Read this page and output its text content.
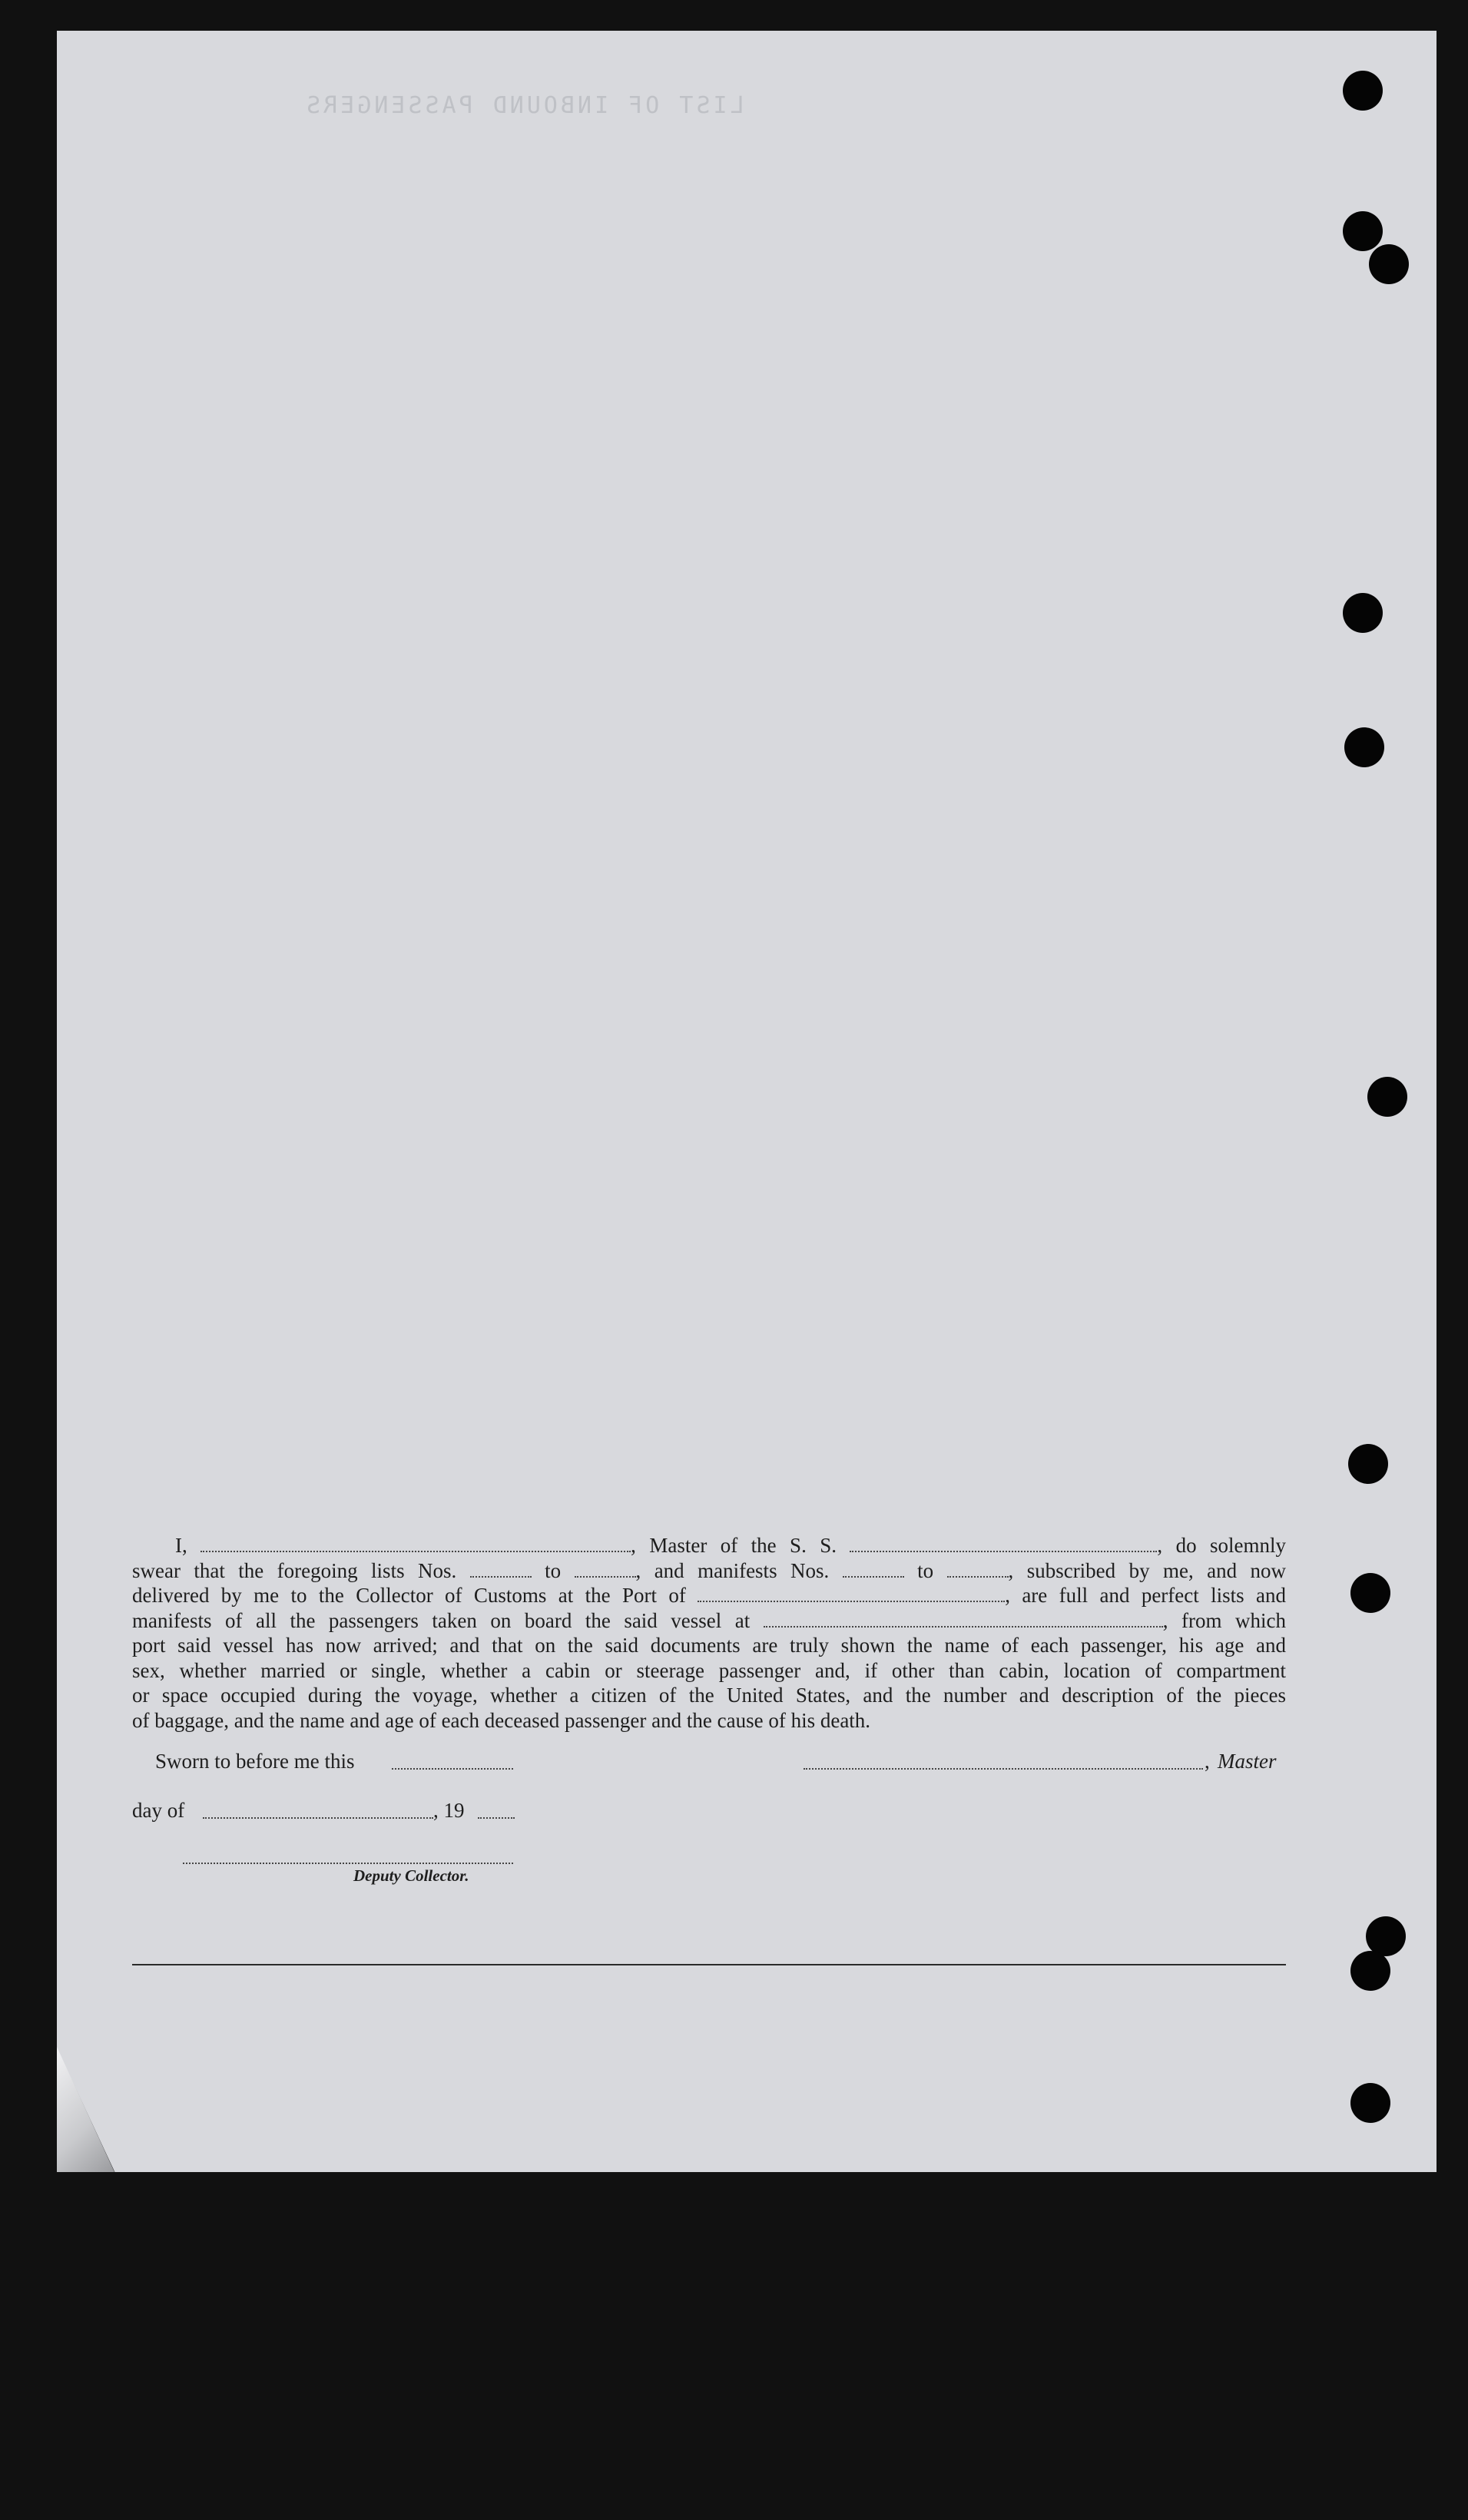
LIST OF INBOUND PASSENGERS

I,	, Master of the S. S.	, do solemnly

swear that the foregoing lists Nos.	to	, and manifests Nos.	to	, subscribed by me, and now

delivered by me to the Collector of Customs at the Port of	, are full and perfect lists and

manifests of all the passengers taken on board the said vessel at	, from which

port said vessel has now arrived; and that on the said documents are truly shown the name of each passenger, his age and

sex, whether married or single, whether a cabin or steerage passenger and, if other than cabin, location of compartment

or space occupied during the voyage, whether a citizen of the United States, and the number and description of the pieces

of baggage, and the name and age of each deceased passenger and the cause of his death.

Sworn to before me this	, Master
day of	, 19
Deputy Collector.
